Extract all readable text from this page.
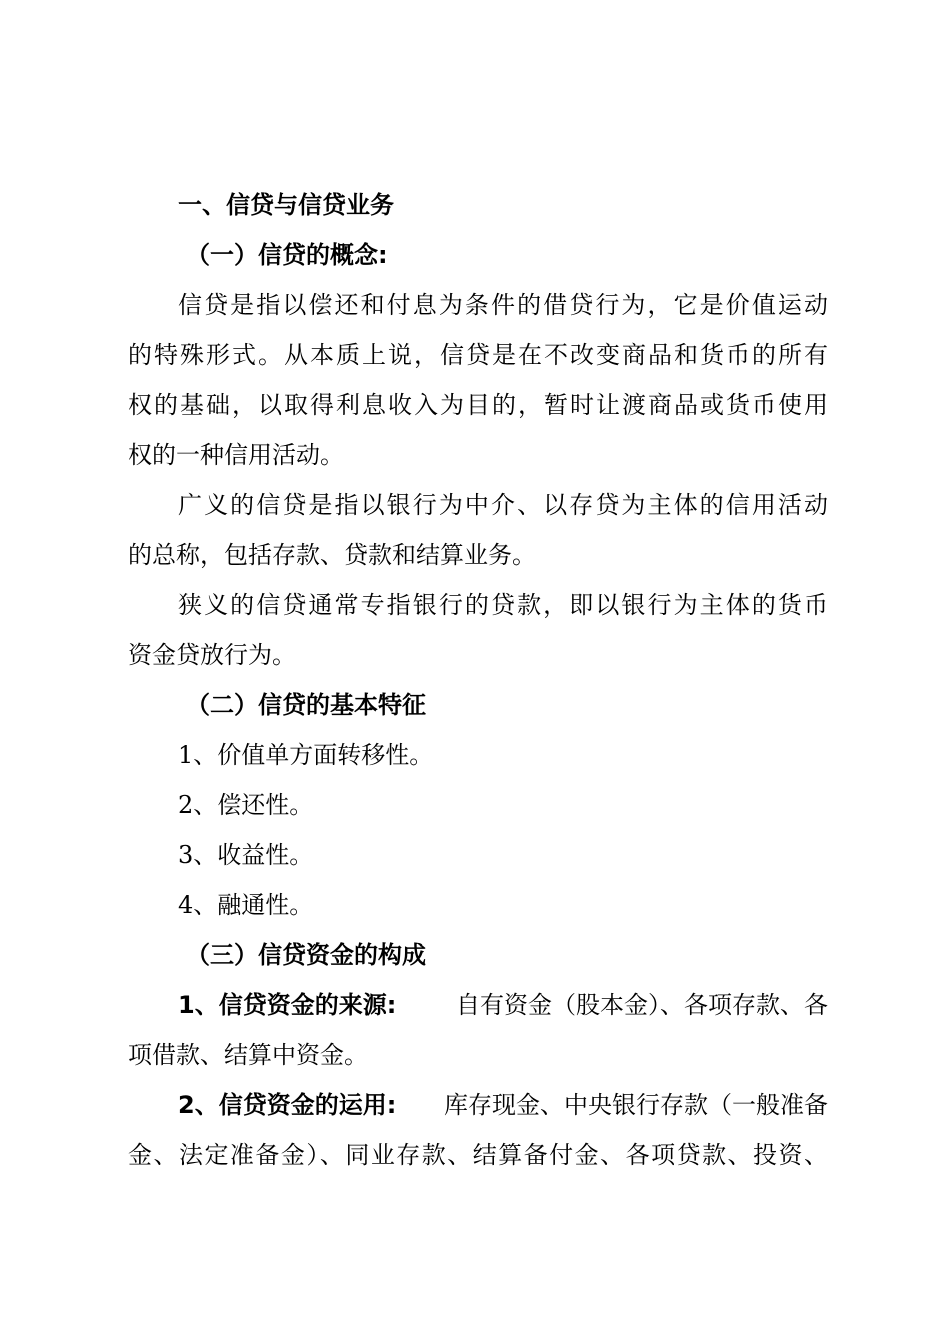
一、信贷与信贷业务
（一）信贷的概念:
信贷是指以偿还和付息为条件的借贷行为，它是价值运动
的特殊形式。从本质上说，信贷是在不改变商品和货币的所有
权的基础，以取得利息收入为目的，暂时让渡商品或货币使用
权的一种信用活动。
广义的信贷是指以银行为中介、以存贷为主体的信用活动
的总称，包括存款、贷款和结算业务。
狭义的信贷通常专指银行的贷款，即以银行为主体的货币
资金贷放行为。
（二）信贷的基本特征
1、价值单方面转移性。
2、偿还性。
3、收益性。
4、融通性。
（三）信贷资金的构成
1、信贷资金的来源: 自有资金（股本金）、各项存款、各
项借款、结算中资金。
2、信贷资金的运用: 库存现金、中央银行存款（一般准备
金、法定准备金）、同业存款、结算备付金、各项贷款、投资、
